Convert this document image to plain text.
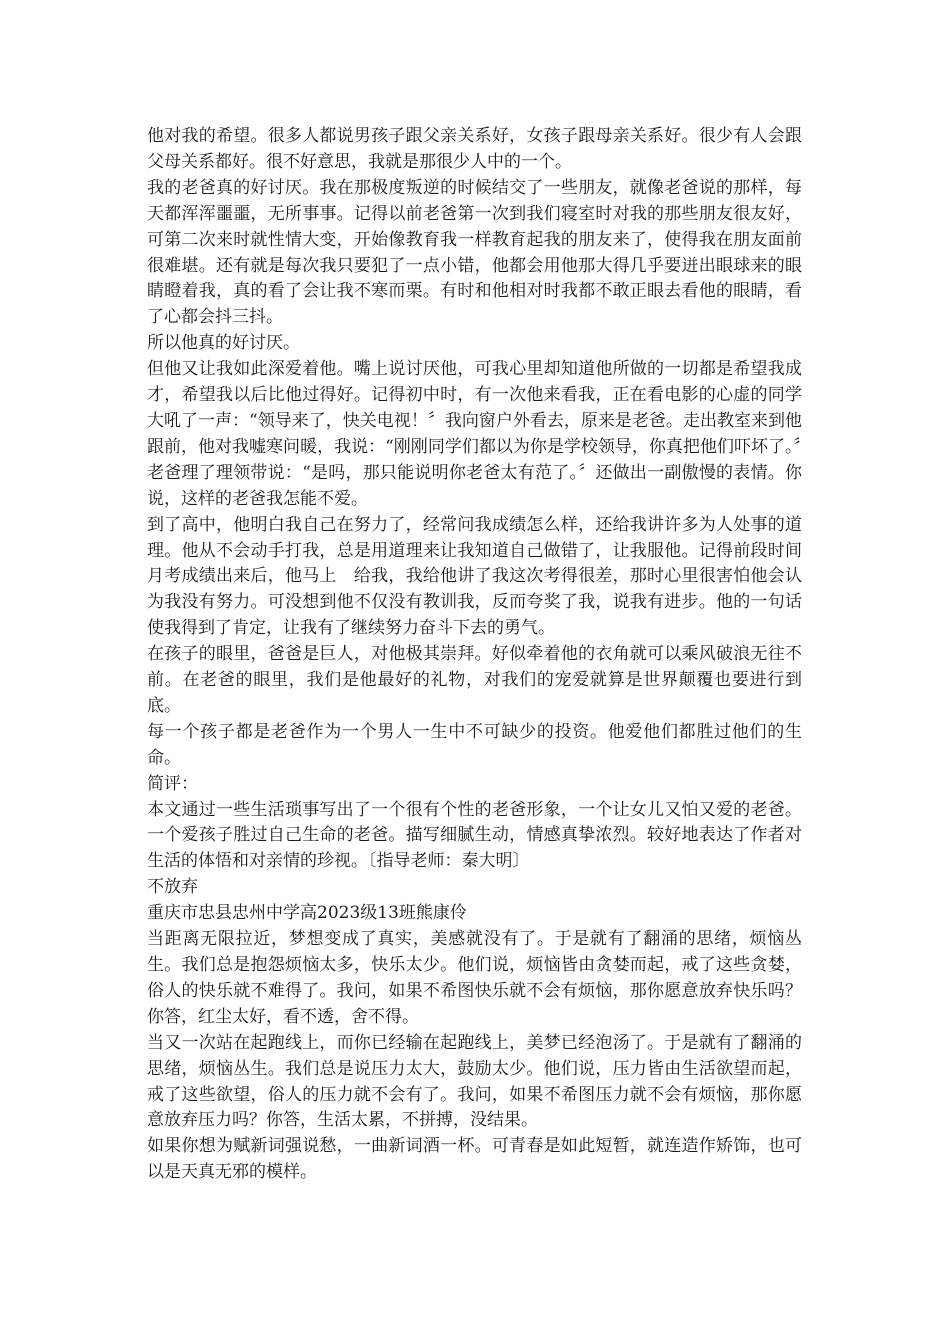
他对我的希望。很多人都说男孩子跟父亲关系好，女孩子跟母亲关系好。很少有人会跟父母关系都好。很不好意思，我就是那很少人中的一个。

我的老爸真的好讨厌。我在那极度叛逆的时候结交了一些朋友，就像老爸说的那样，每天都浑浑噩噩，无所事事。记得以前老爸第一次到我们寝室时对我的那些朋友很友好，可第二次来时就性情大变，开始像教育我一样教育起我的朋友来了，使得我在朋友面前很难堪。还有就是每次我只要犯了一点小错，他都会用他那大得几乎要迸出眼球来的眼睛瞪着我，真的看了会让我不寒而栗。有时和他相对时我都不敢正眼去看他的眼睛，看了心都会抖三抖。

所以他真的好讨厌。

但他又让我如此深爱着他。嘴上说讨厌他，可我心里却知道他所做的一切都是希望我成才，希望我以后比他过得好。记得初中时，有一次他来看我，正在看电影的心虚的同学大吼了一声：“领导来了，快关电视！〞我向窗户外看去，原来是老爸。走出教室来到他跟前，他对我嘘寒问暖，我说：“刚刚同学们都以为你是学校领导，你真把他们吓坏了。〞老爸理了理领带说：“是吗，那只能说明你老爸太有范了。〞还做出一副傲慢的表情。你说，这样的老爸我怎能不爱。

到了高中，他明白我自己在努力了，经常问我成绩怎么样，还给我讲许多为人处事的道理。他从不会动手打我，总是用道理来让我知道自己做错了，让我服他。记得前段时间月考成绩出来后，他马上　给我，我给他讲了我这次考得很差，那时心里很害怕他会认为我没有努力。可没想到他不仅没有教训我，反而夸奖了我，说我有进步。他的一句话使我得到了肯定，让我有了继续努力奋斗下去的勇气。

在孩子的眼里，爸爸是巨人，对他极其崇拜。好似牵着他的衣角就可以乘风破浪无往不前。在老爸的眼里，我们是他最好的礼物，对我们的宠爱就算是世界颠覆也要进行到底。

每一个孩子都是老爸作为一个男人一生中不可缺少的投资。他爱他们都胜过他们的生命。

简评：

本文通过一些生活琐事写出了一个很有个性的老爸形象，一个让女儿又怕又爱的老爸。一个爱孩子胜过自己生命的老爸。描写细腻生动，情感真挚浓烈。较好地表达了作者对生活的体悟和对亲情的珍视。〔指导老师：秦大明〕

不放弃

重庆市忠县忠州中学高2023级13班熊康伶

当距离无限拉近，梦想变成了真实，美感就没有了。于是就有了翻涌的思绪，烦恼丛生。我们总是抱怨烦恼太多，快乐太少。他们说，烦恼皆由贪婪而起，戒了这些贪婪，俗人的快乐就不难得了。我问，如果不希图快乐就不会有烦恼，那你愿意放弃快乐吗？你答，红尘太好，看不透，舍不得。

当又一次站在起跑线上，而你已经输在起跑线上，美梦已经泡汤了。于是就有了翻涌的思绪，烦恼丛生。我们总是说压力太大，鼓励太少。他们说，压力皆由生活欲望而起，戒了这些欲望，俗人的压力就不会有了。我问，如果不希图压力就不会有烦恼，那你愿意放弃压力吗？你答，生活太累，不拼搏，没结果。

如果你想为赋新词强说愁，一曲新词酒一杯。可青春是如此短暂，就连造作矫饰，也可以是天真无邪的模样。
